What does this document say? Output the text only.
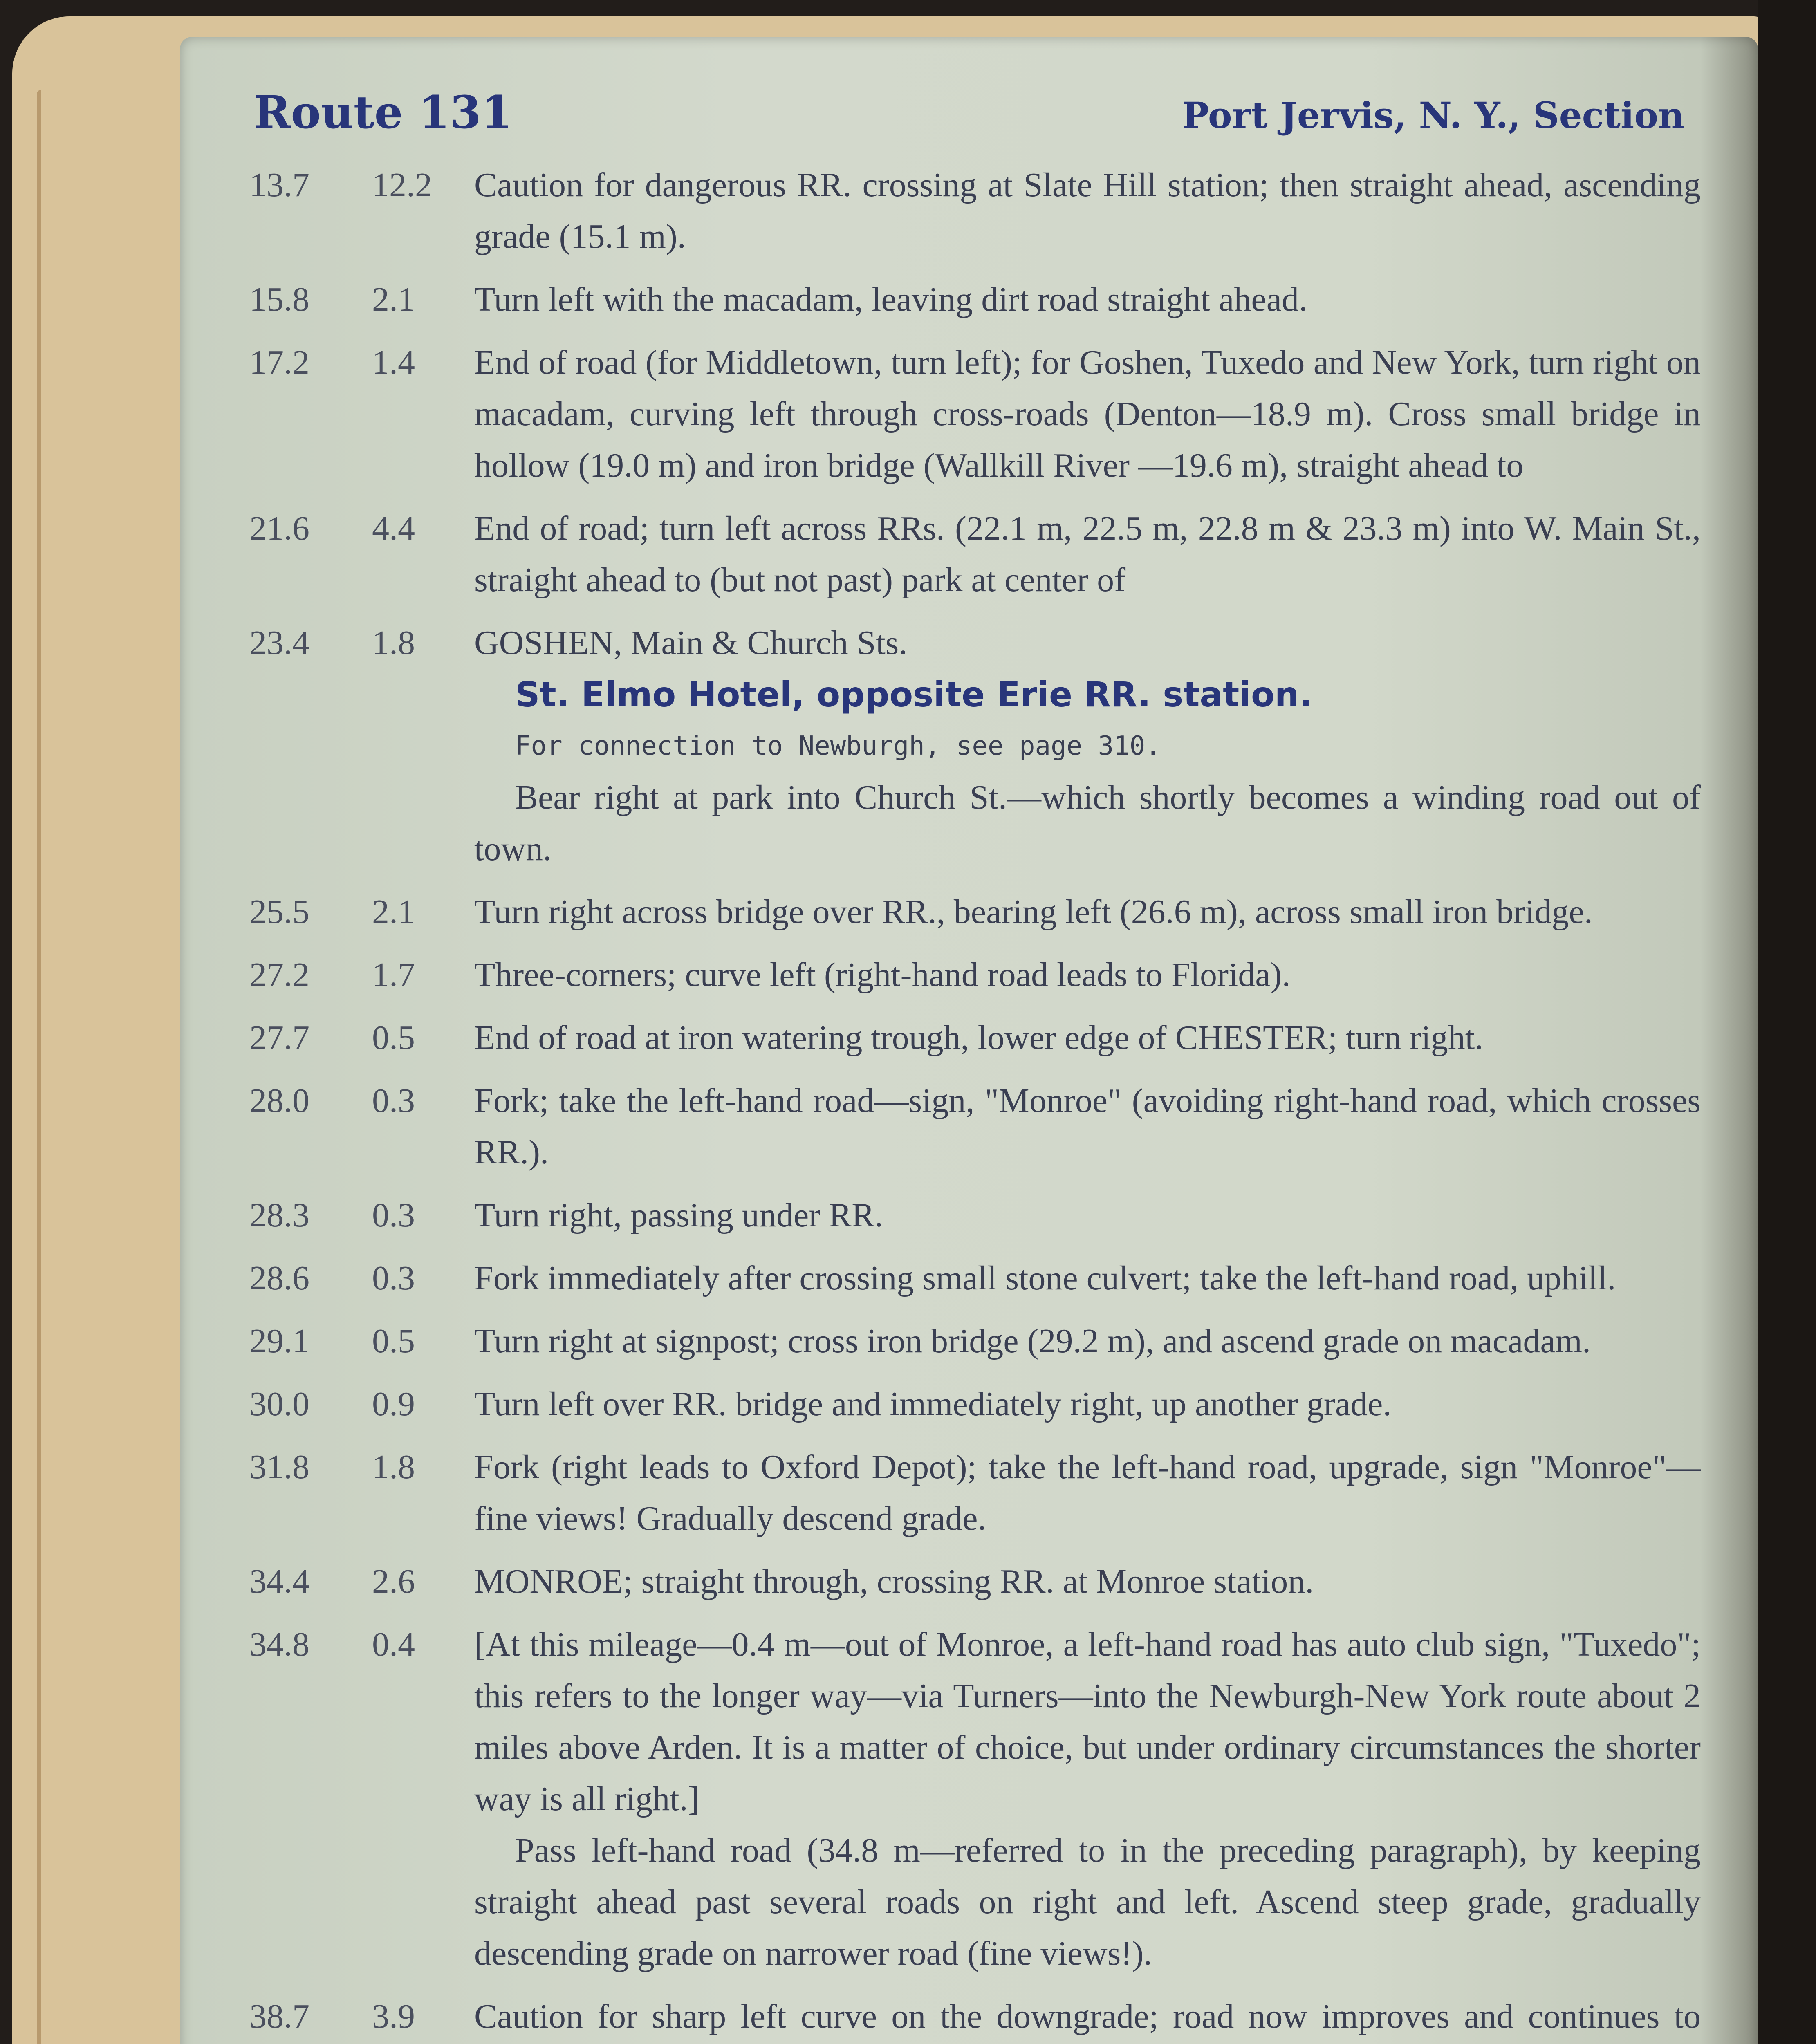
Route 131	Port Jervis, N. Y., Section
13.7	12.2	Caution for dangerous RR. crossing at Slate Hill station; then straight ahead, ascending grade (15.1 m).

15.8	2.1	Turn left with the macadam, leaving dirt road straight ahead.

17.2	1.4	End of road (for Middletown, turn left); for Goshen, Tuxedo and New York, turn right on macadam, curving left through cross-roads (Denton—18.9 m). Cross small bridge in hollow (19.0 m) and iron bridge (Wallkill River —19.6 m), straight ahead to

21.6	4.4	End of road; turn left across RRs. (22.1 m, 22.5 m, 22.8 m & 23.3 m) into W. Main St., straight ahead to (but not past) park at center of

23.4	1.8	GOSHEN, Main & Church Sts.

St. Elmo Hotel, opposite Erie RR. station.

For connection to Newburgh, see page 310.

Bear right at park into Church St.—which shortly becomes a winding road out of town.

25.5	2.1	Turn right across bridge over RR., bearing left (26.6 m), across small iron bridge.

27.2	1.7	Three-corners; curve left (right-hand road leads to Florida).

27.7	0.5	End of road at iron watering trough, lower edge of CHESTER; turn right.

28.0	0.3	Fork; take the left-hand road—sign, "Monroe" (avoiding right-hand road, which crosses RR.).

28.3	0.3	Turn right, passing under RR.

28.6	0.3	Fork immediately after crossing small stone culvert; take the left-hand road, uphill.

29.1	0.5	Turn right at signpost; cross iron bridge (29.2 m), and ascend grade on macadam.

30.0	0.9	Turn left over RR. bridge and immediately right, up another grade.

31.8	1.8	Fork (right leads to Oxford Depot); take the left-hand road, upgrade, sign "Monroe"—fine views! Gradually descend grade.

34.4	2.6	MONROE; straight through, crossing RR. at Monroe station.

34.8	0.4	[At this mileage—0.4 m—out of Monroe, a left-hand road has auto club sign, "Tuxedo"; this refers to the longer way—via Turners—into the Newburgh-New York route about 2 miles above Arden. It is a matter of choice, but under ordinary circumstances the shorter way is all right.]

Pass left-hand road (34.8 m—referred to in the preceding paragraph), by keeping straight ahead past several roads on right and left. Ascend steep grade, gradually descending grade on narrower road (fine views!).

38.7	3.9	Caution for sharp left curve on the downgrade; road now improves and continues to
